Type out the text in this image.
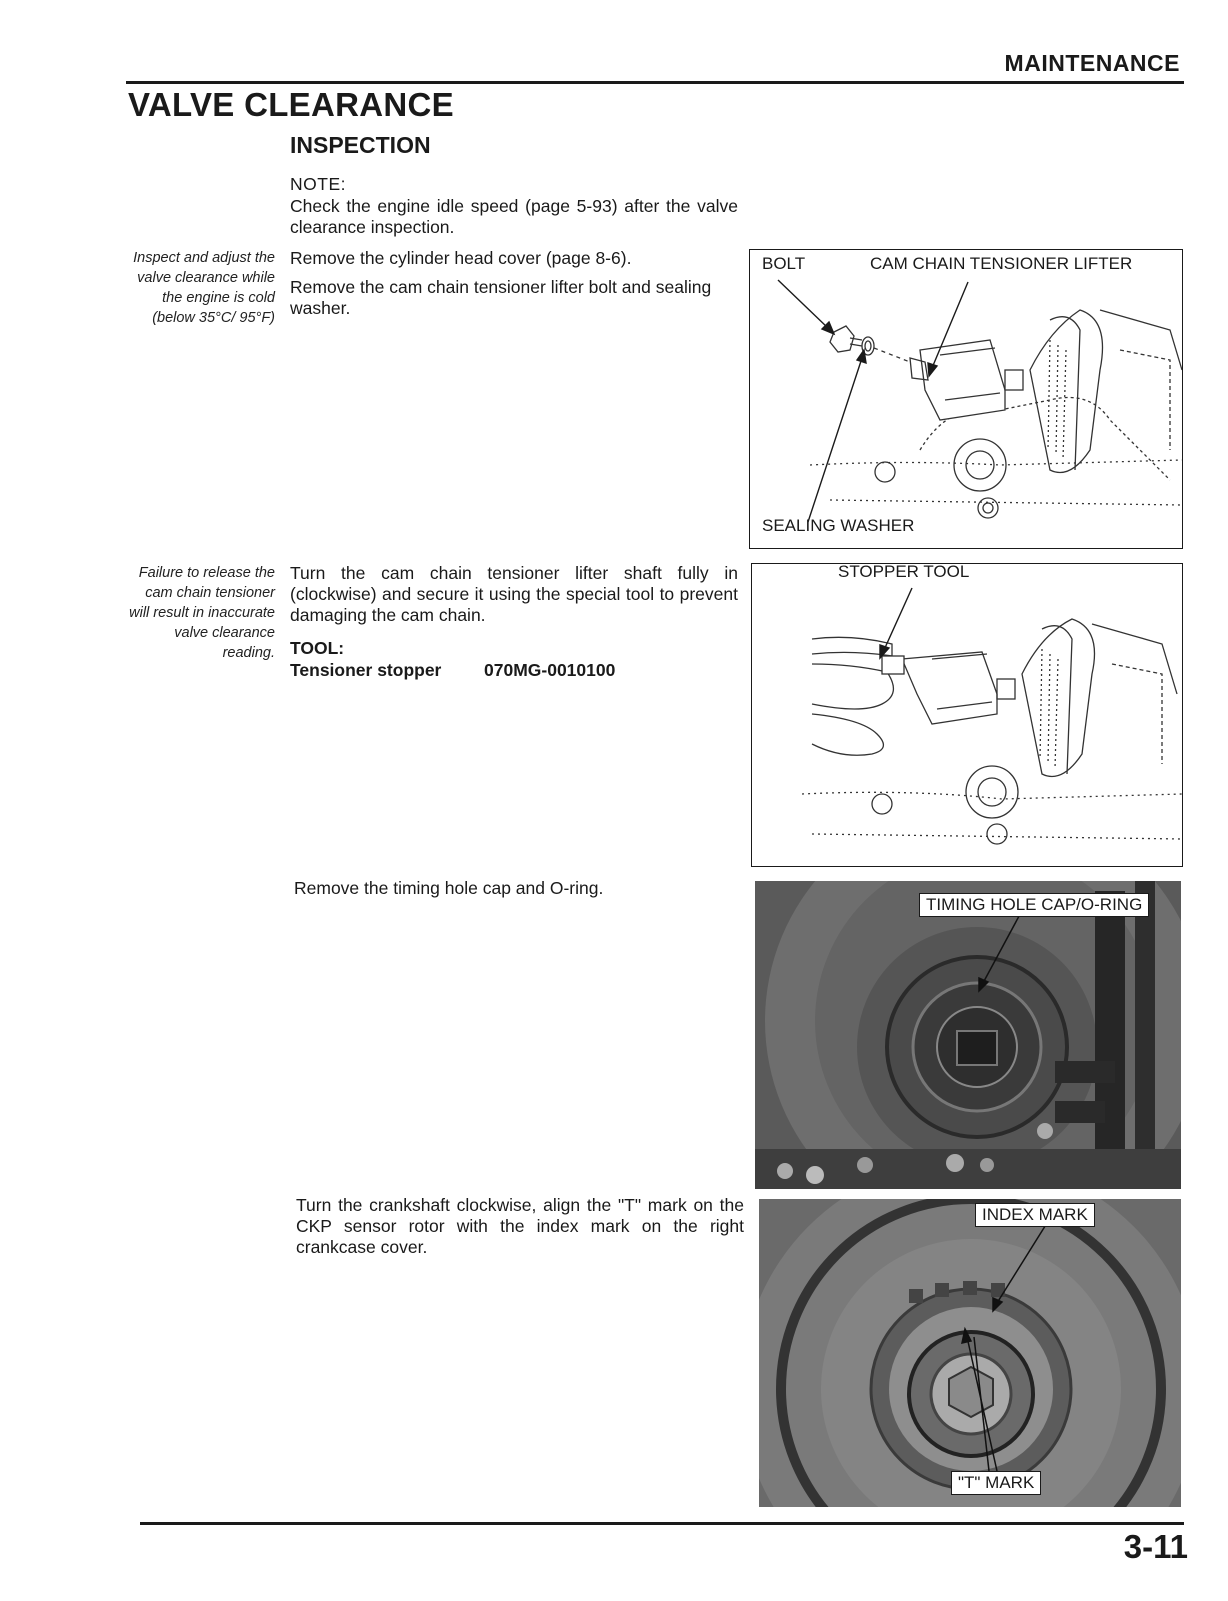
MAINTENANCE
VALVE CLEARANCE
INSPECTION
NOTE:
Check the engine idle speed (page 5-93) after the valve clearance inspection.
Inspect and adjust the valve clearance while the engine is cold (below 35°C/ 95°F)
Remove the cylinder head cover (page 8-6).
Remove the cam chain tensioner lifter bolt and sealing washer.
BOLT	CAM CHAIN TENSIONER LIFTER
SEALING WASHER
Failure to release the cam chain tensioner will result in inaccurate valve clearance reading.
Turn the cam chain tensioner lifter shaft fully in (clockwise) and secure it using the special tool to prevent damaging the cam chain.
TOOL:
Tensioner stopper 070MG-0010100
STOPPER TOOL
Remove the timing hole cap and O-ring.
TIMING HOLE CAP/O-RING
Turn the crankshaft clockwise, align the "T" mark on the CKP sensor rotor with the index mark on the right crankcase cover.
INDEX MARK
"T" MARK
3-11
